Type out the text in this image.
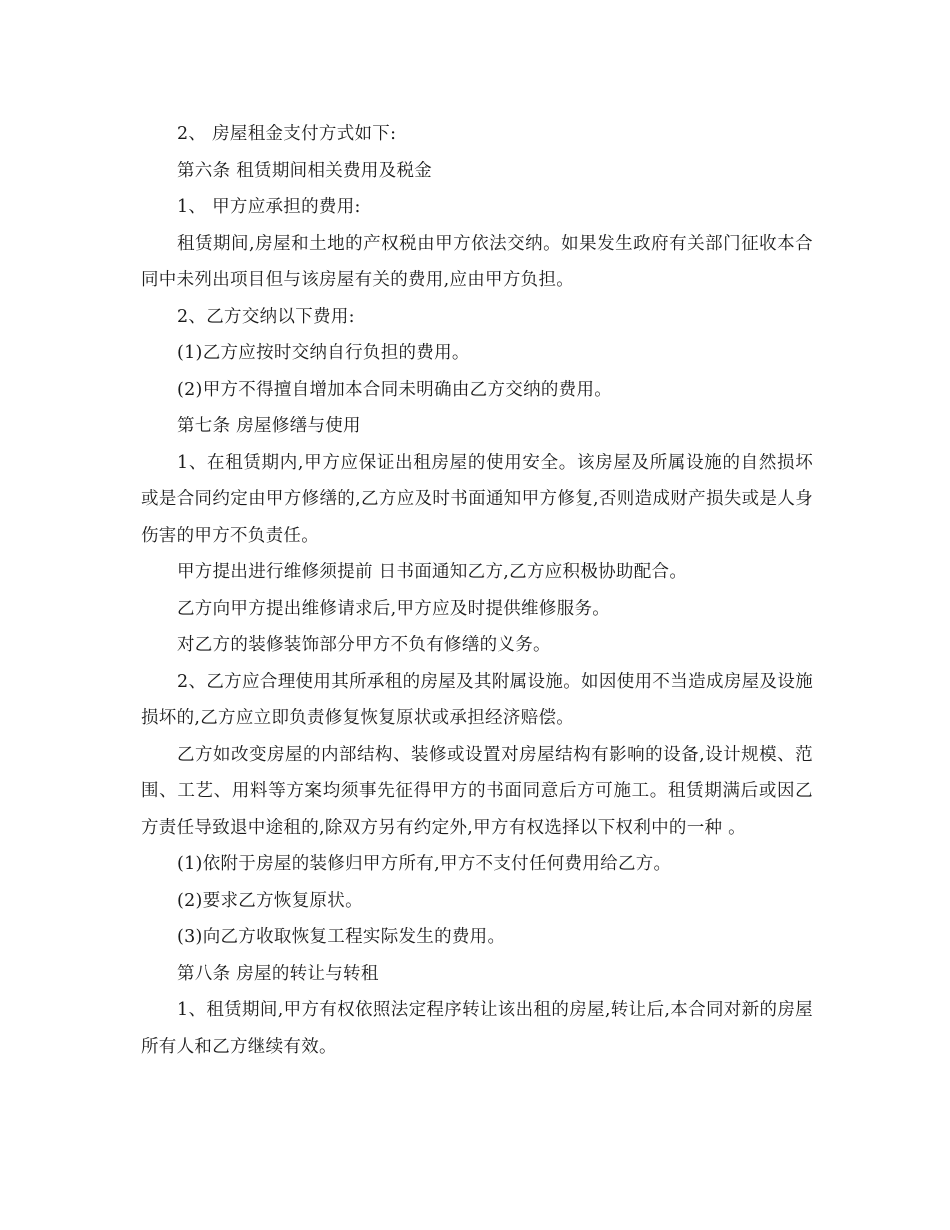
2、 房屋租金支付方式如下:

第六条 租赁期间相关费用及税金

1、 甲方应承担的费用:

租赁期间,房屋和土地的产权税由甲方依法交纳。如果发生政府有关部门征收本合同中未列出项目但与该房屋有关的费用,应由甲方负担。

2、乙方交纳以下费用:

(1)乙方应按时交纳自行负担的费用。

(2)甲方不得擅自增加本合同未明确由乙方交纳的费用。

第七条 房屋修缮与使用

1、在租赁期内,甲方应保证出租房屋的使用安全。该房屋及所属设施的自然损坏或是合同约定由甲方修缮的,乙方应及时书面通知甲方修复,否则造成财产损失或是人身伤害的甲方不负责任。

甲方提出进行维修须提前 日书面通知乙方,乙方应积极协助配合。

乙方向甲方提出维修请求后,甲方应及时提供维修服务。

对乙方的装修装饰部分甲方不负有修缮的义务。

2、乙方应合理使用其所承租的房屋及其附属设施。如因使用不当造成房屋及设施损坏的,乙方应立即负责修复恢复原状或承担经济赔偿。

乙方如改变房屋的内部结构、装修或设置对房屋结构有影响的设备,设计规模、范围、工艺、用料等方案均须事先征得甲方的书面同意后方可施工。租赁期满后或因乙方责任导致退中途租的,除双方另有约定外,甲方有权选择以下权利中的一种 。

(1)依附于房屋的装修归甲方所有,甲方不支付任何费用给乙方。

(2)要求乙方恢复原状。

(3)向乙方收取恢复工程实际发生的费用。

第八条 房屋的转让与转租

1、租赁期间,甲方有权依照法定程序转让该出租的房屋,转让后,本合同对新的房屋所有人和乙方继续有效。
